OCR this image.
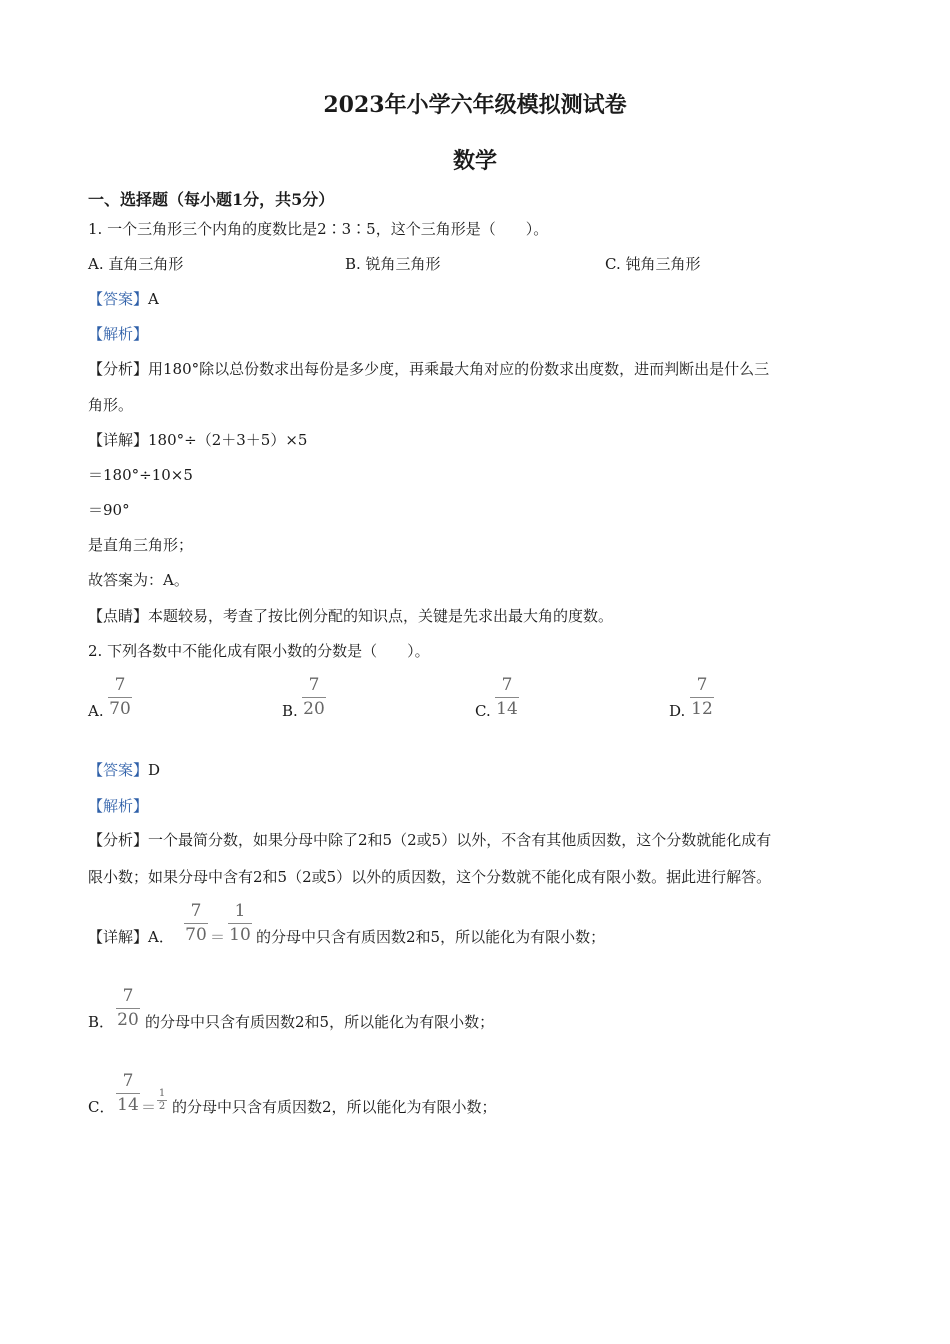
2023年小学六年级模拟测试卷
数学
一、选择题（每小题1分，共5分）
1. 一个三角形三个内角的度数比是2∶3∶5，这个三角形是（　　）。
A. 直角三角形	B. 锐角三角形	C. 钝角三角形
【答案】A
【解析】
【分析】用180°除以总份数求出每份是多少度，再乘最大角对应的份数求出度数，进而判断出是什么三
角形。
【详解】180°÷（2＋3＋5）×5
＝180°÷10×5
＝90°
是直角三角形；
故答案为：A。
【点睛】本题较易，考查了按比例分配的知识点，关键是先求出最大角的度数。
2. 下列各数中不能化成有限小数的分数是（　　）。
A.
7
70	B.
7
20	C.
7
14	D.
7
12
【答案】D
【解析】
【分析】一个最简分数，如果分母中除了2和5（2或5）以外，不含有其他质因数，这个分数就能化成有
限小数；如果分母中含有2和5（2或5）以外的质因数，这个分数就不能化成有限小数。据此进行解答。
【详解】A．
7
70 ＝
1
10 的分母中只含有质因数2和5，所以能化为有限小数；
B．
7
20 的分母中只含有质因数2和5，所以能化为有限小数；
C．
7
14 ＝
1
2 的分母中只含有质因数2，所以能化为有限小数；
